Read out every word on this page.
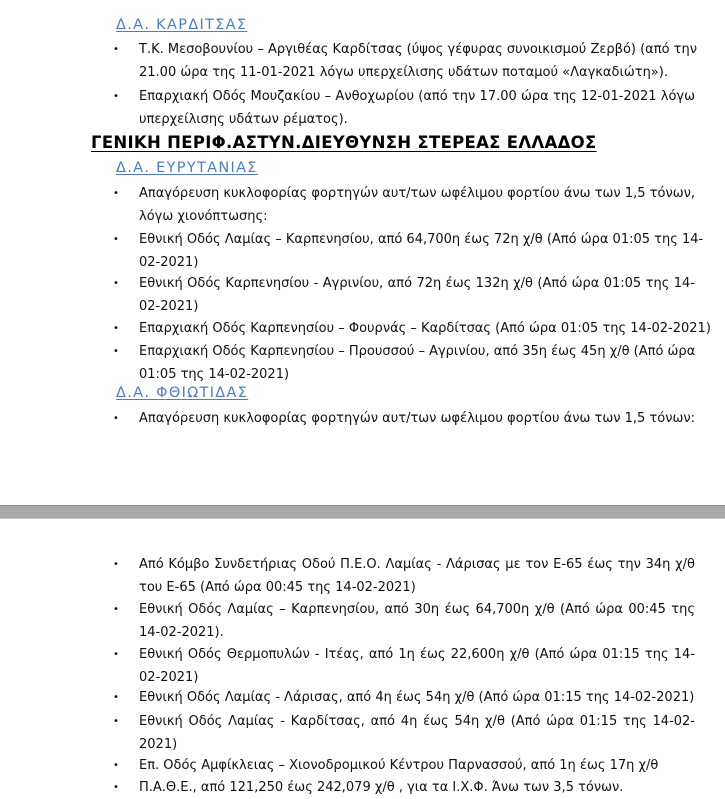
Δ.Α. ΚΑΡΔΙΤΣΑΣ
•	Τ.Κ. Μεσοβουνίου – Αργιθέας Καρδίτσας (ύψος γέφυρας συνοικισμού Ζερβό) (από την
21.00 ώρα της 11-01-2021 λόγω υπερχείλισης υδάτων ποταμού «Λαγκαδιώτη»).
•	Επαρχιακή Οδός Μουζακίου – Ανθοχωρίου (από την 17.00 ώρα της 12-01-2021 λόγω
υπερχείλισης υδάτων ρέματος).
ΓΕΝΙΚΗ ΠΕΡΙΦ.ΑΣΤΥΝ.ΔΙΕΥΘΥΝΣΗ ΣΤΕΡΕΑΣ ΕΛΛΑΔΟΣ
Δ.Α. ΕΥΡΥΤΑΝΙΑΣ
•	Απαγόρευση κυκλοφορίας φορτηγών αυτ/των ωφέλιμου φορτίου άνω των 1,5 τόνων,
λόγω χιονόπτωσης:
•	Εθνική Οδός Λαμίας – Καρπενησίου, από 64,700η έως 72η χ/θ (Από ώρα 01:05 της 14-
02-2021)
•	Εθνική Οδός Καρπενησίου - Αγρινίου, από 72η έως 132η χ/θ (Από ώρα 01:05 της 14-
02-2021)
•	Επαρχιακή Οδός Καρπενησίου – Φουρνάς – Καρδίτσας (Από ώρα 01:05 της 14-02-2021)
•	Επαρχιακή Οδός Καρπενησίου – Προυσσού – Αγρινίου, από 35η έως 45η χ/θ (Από ώρα
01:05 της 14-02-2021)
Δ.Α. ΦΘΙΩΤΙΔΑΣ
•	Απαγόρευση κυκλοφορίας φορτηγών αυτ/των ωφέλιμου φορτίου άνω των 1,5 τόνων:
•	Από Κόμβο Συνδετήριας Οδού Π.Ε.Ο. Λαμίας - Λάρισας με τον Ε-65 έως την 34η χ/θ
του Ε-65 (Από ώρα 00:45 της 14-02-2021)
•	Εθνική Οδός Λαμίας – Καρπενησίου, από 30η έως 64,700η χ/θ (Από ώρα 00:45 της
14-02-2021).
•	Εθνική Οδός Θερμοπυλών - Ιτέας, από 1η έως 22,600η χ/θ (Από ώρα 01:15 της 14-
02-2021)
•	Εθνική Οδός Λαμίας - Λάρισας, από 4η έως 54η χ/θ (Από ώρα 01:15 της 14-02-2021)
•	Εθνική Οδός Λαμίας - Καρδίτσας, από 4η έως 54η χ/θ (Από ώρα 01:15 της 14-02-
2021)
•	Επ. Οδός Αμφίκλειας – Χιονοδρομικού Κέντρου Παρνασσού, από 1η έως 17η χ/θ
•	Π.Α.Θ.Ε., από 121,250 έως 242,079 χ/θ , για τα Ι.Χ.Φ. Άνω των 3,5 τόνων.
